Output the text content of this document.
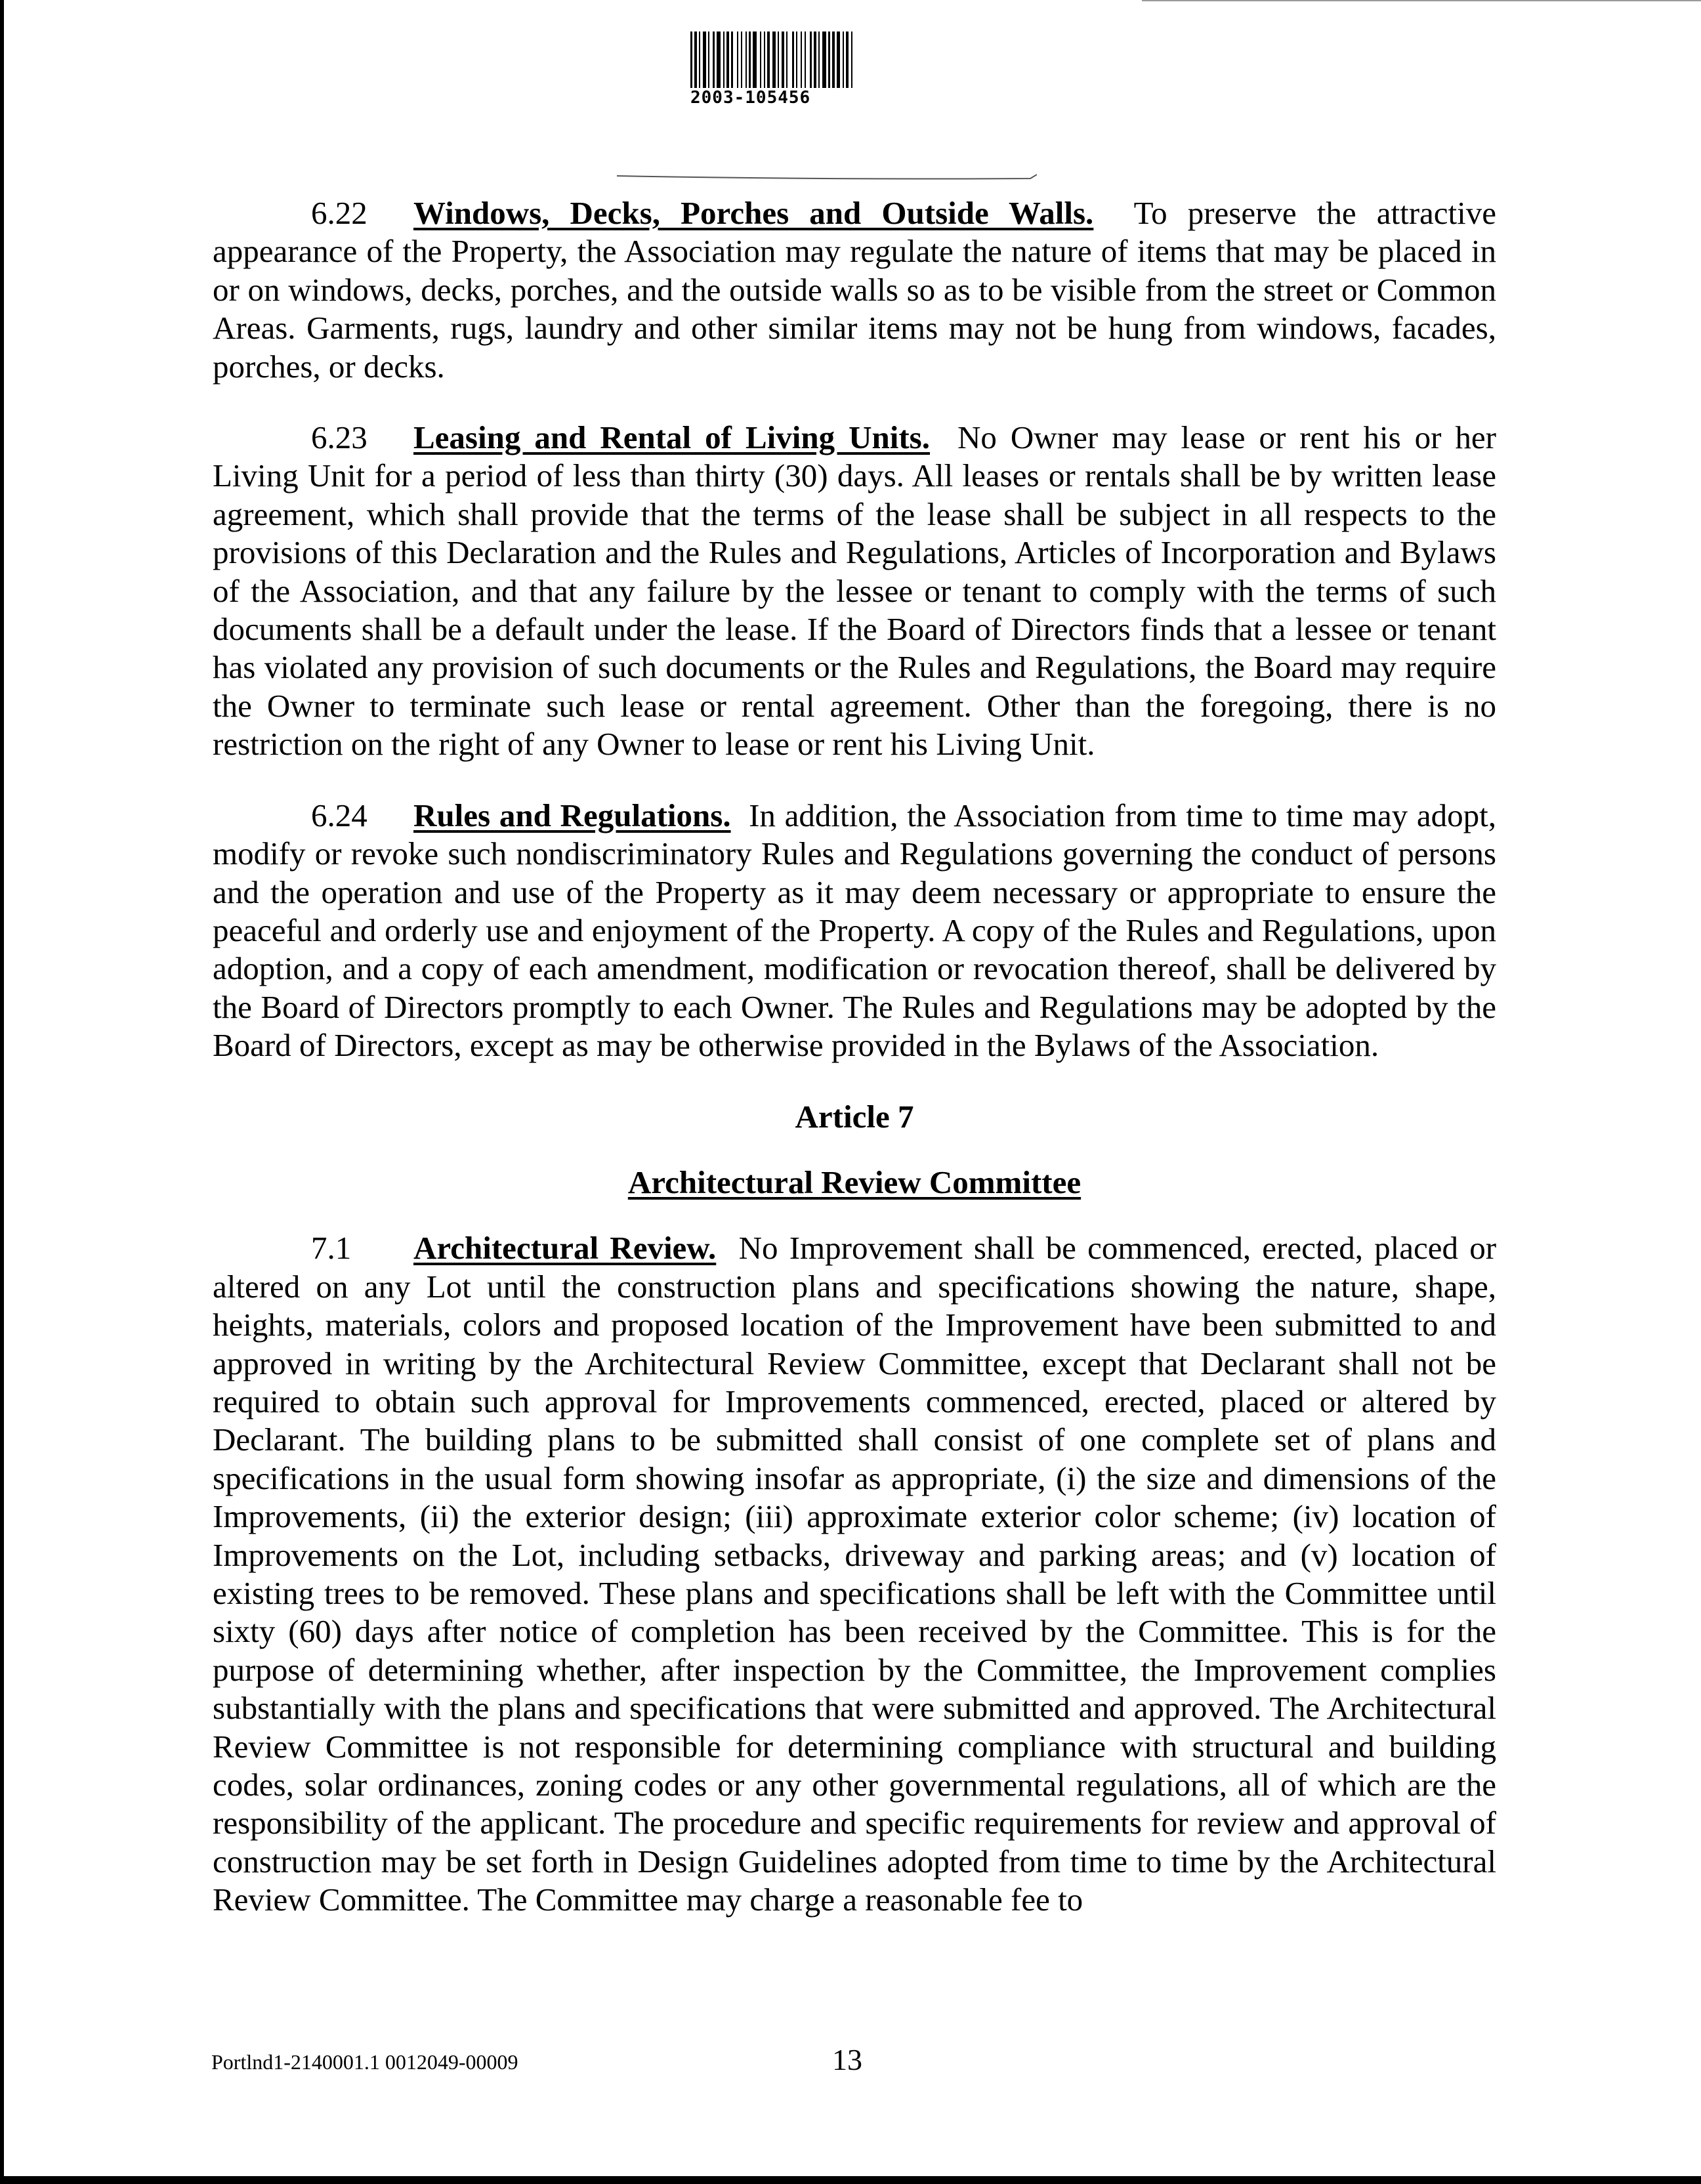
2003-105456

6.22 Windows, Decks, Porches and Outside Walls. To preserve the attractive appearance of the Property, the Association may regulate the nature of items that may be placed in or on windows, decks, porches, and the outside walls so as to be visible from the street or Common Areas. Garments, rugs, laundry and other similar items may not be hung from windows, facades, porches, or decks.

6.23 Leasing and Rental of Living Units. No Owner may lease or rent his or her Living Unit for a period of less than thirty (30) days. All leases or rentals shall be by written lease agreement, which shall provide that the terms of the lease shall be subject in all respects to the provisions of this Declaration and the Rules and Regulations, Articles of Incorporation and Bylaws of the Association, and that any failure by the lessee or tenant to comply with the terms of such documents shall be a default under the lease. If the Board of Directors finds that a lessee or tenant has violated any provision of such documents or the Rules and Regulations, the Board may require the Owner to terminate such lease or rental agreement. Other than the foregoing, there is no restriction on the right of any Owner to lease or rent his Living Unit.

6.24 Rules and Regulations. In addition, the Association from time to time may adopt, modify or revoke such nondiscriminatory Rules and Regulations governing the conduct of persons and the operation and use of the Property as it may deem necessary or appropriate to ensure the peaceful and orderly use and enjoyment of the Property. A copy of the Rules and Regulations, upon adoption, and a copy of each amendment, modification or revocation thereof, shall be delivered by the Board of Directors promptly to each Owner. The Rules and Regulations may be adopted by the Board of Directors, except as may be otherwise provided in the Bylaws of the Association.

Article 7
Architectural Review Committee

7.1 Architectural Review. No Improvement shall be commenced, erected, placed or altered on any Lot until the construction plans and specifications showing the nature, shape, heights, materials, colors and proposed location of the Improvement have been submitted to and approved in writing by the Architectural Review Committee, except that Declarant shall not be required to obtain such approval for Improvements commenced, erected, placed or altered by Declarant. The building plans to be submitted shall consist of one complete set of plans and specifications in the usual form showing insofar as appropriate, (i) the size and dimensions of the Improvements, (ii) the exterior design; (iii) approximate exterior color scheme; (iv) location of Improvements on the Lot, including setbacks, driveway and parking areas; and (v) location of existing trees to be removed. These plans and specifications shall be left with the Committee until sixty (60) days after notice of completion has been received by the Committee. This is for the purpose of determining whether, after inspection by the Committee, the Improvement complies substantially with the plans and specifications that were submitted and approved. The Architectural Review Committee is not responsible for determining compliance with structural and building codes, solar ordinances, zoning codes or any other governmental regulations, all of which are the responsibility of the applicant. The procedure and specific requirements for review and approval of construction may be set forth in Design Guidelines adopted from time to time by the Architectural Review Committee. The Committee may charge a reasonable fee to

Portlnd1-2140001.1 0012049-00009	13
